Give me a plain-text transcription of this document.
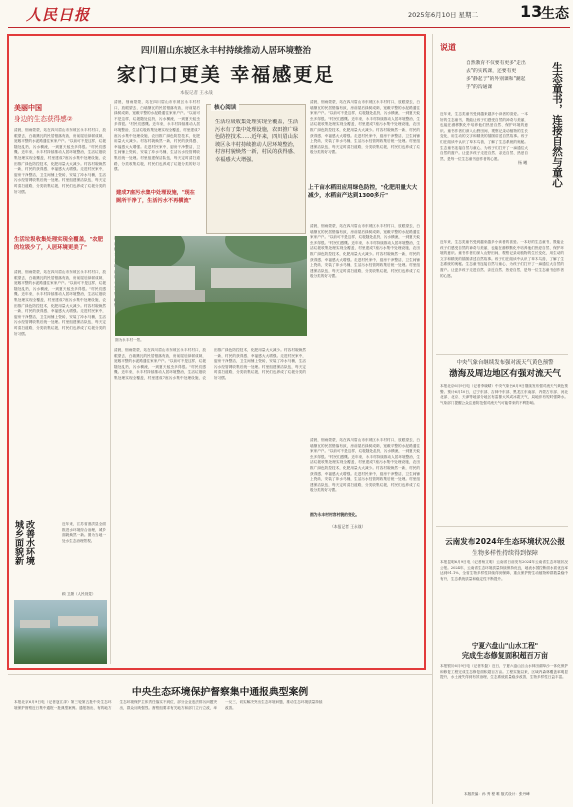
人民日报	2025年6月10日 星期二	13
生态
四川眉山东坡区永丰村持续推动人居环境整治
家门口更美 幸福感更足
本报记者 王永战
美丽中国
身边的生态获得感②
清晨，细雨蒙蒙，站在四川眉山市东坡区永丰村村口，放眼望去，白墙黛瓦的民居错落有致，房前屋后绿树成荫，宽敞平整的水泥路通往家家户户。"以前可不是这样，垃圾随处乱扔，污水横流，一到夏天蚊虫多得很。"村民们感慨。近年来，永丰村持续推动人居环境整治，生活垃圾收集处理实现全覆盖，村里建成7座污水集中处理设施，农田推广绿色防控技术，化肥用量大大减少。村容村貌焕然一新，村民的获得感、幸福感大大增强。走进村民家中，厨房干净整洁，卫生间铺上瓷砖，安装了冲水马桶，生活污水经管网收集后统一处理。村里组建保洁队伍，每天定时清扫道路，分类收集垃圾，村民们也养成了垃圾分类的好习惯。
生活垃圾收集处理实现全覆盖，"农肥的垃圾少了，人居环境更美了"
清晨，细雨蒙蒙，站在四川眉山市东坡区永丰村村口，放眼望去，白墙黛瓦的民居错落有致，房前屋后绿树成荫，宽敞平整的水泥路通往家家户户。"以前可不是这样，垃圾随处乱扔，污水横流，一到夏天蚊虫多得很。"村民们感慨。近年来，永丰村持续推动人居环境整治，生活垃圾收集处理实现全覆盖，村里建成7座污水集中处理设施，农田推广绿色防控技术，化肥用量大大减少。村容村貌焕然一新，村民的获得感、幸福感大大增强。走进村民家中，厨房干净整洁，卫生间铺上瓷砖，安装了冲水马桶，生活污水经管网收集后统一处理。村里组建保洁队伍，每天定时清扫道路，分类收集垃圾，村民们也养成了垃圾分类的好习惯。
清晨，细雨蒙蒙，站在四川眉山市东坡区永丰村村口，放眼望去，白墙黛瓦的民居错落有致，房前屋后绿树成荫，宽敞平整的水泥路通往家家户户。"以前可不是这样，垃圾随处乱扔，污水横流，一到夏天蚊虫多得很。"村民们感慨。近年来，永丰村持续推动人居环境整治，生活垃圾收集处理实现全覆盖，村里建成7座污水集中处理设施，农田推广绿色防控技术，化肥用量大大减少。村容村貌焕然一新，村民的获得感、幸福感大大增强。走进村民家中，厨房干净整洁，卫生间铺上瓷砖，安装了冲水马桶，生活污水经管网收集后统一处理。村里组建保洁队伍，每天定时清扫道路，分类收集垃圾，村民们也养成了垃圾分类的好习惯。
建成7座污水集中处理设施，"现在厕所干净了，生活污水不再横流"
核心阅读
生活垃圾收集处理实现全覆盖，生活污水有了集中处理设施，农田推广绿色防控技术……近年来，四川眉山东坡区永丰村持续推动人居环境整治，村容村貌焕然一新，村民的获得感、幸福感大大增强。
清晨，细雨蒙蒙，站在四川眉山市东坡区永丰村村口，放眼望去，白墙黛瓦的民居错落有致，房前屋后绿树成荫，宽敞平整的水泥路通往家家户户。"以前可不是这样，垃圾随处乱扔，污水横流，一到夏天蚊虫多得很。"村民们感慨。近年来，永丰村持续推动人居环境整治，生活垃圾收集处理实现全覆盖，村里建成7座污水集中处理设施，农田推广绿色防控技术，化肥用量大大减少。村容村貌焕然一新，村民的获得感、幸福感大大增强。走进村民家中，厨房干净整洁，卫生间铺上瓷砖，安装了冲水马桶，生活污水经管网收集后统一处理。村里组建保洁队伍，每天定时清扫道路，分类收集垃圾，村民们也养成了垃圾分类的好习惯。
上千亩水稻田应用绿色防控，"化肥用量大大减少，水稻亩产达到1300多斤"
清晨，细雨蒙蒙，站在四川眉山市东坡区永丰村村口，放眼望去，白墙黛瓦的民居错落有致，房前屋后绿树成荫，宽敞平整的水泥路通往家家户户。"以前可不是这样，垃圾随处乱扔，污水横流，一到夏天蚊虫多得很。"村民们感慨。近年来，永丰村持续推动人居环境整治，生活垃圾收集处理实现全覆盖，村里建成7座污水集中处理设施，农田推广绿色防控技术，化肥用量大大减少。村容村貌焕然一新，村民的获得感、幸福感大大增强。走进村民家中，厨房干净整洁，卫生间铺上瓷砖，安装了冲水马桶，生活污水经管网收集后统一处理。村里组建保洁队伍，每天定时清扫道路，分类收集垃圾，村民们也养成了垃圾分类的好习惯。
图为永丰村一景。
清晨，细雨蒙蒙，站在四川眉山市东坡区永丰村村口，放眼望去，白墙黛瓦的民居错落有致，房前屋后绿树成荫，宽敞平整的水泥路通往家家户户。"以前可不是这样，垃圾随处乱扔，污水横流，一到夏天蚊虫多得很。"村民们感慨。近年来，永丰村持续推动人居环境整治，生活垃圾收集处理实现全覆盖，村里建成7座污水集中处理设施，农田推广绿色防控技术，化肥用量大大减少。村容村貌焕然一新，村民的获得感、幸福感大大增强。走进村民家中，厨房干净整洁，卫生间铺上瓷砖，安装了冲水马桶，生活污水经管网收集后统一处理。村里组建保洁队伍，每天定时清扫道路，分类收集垃圾，村民们也养成了垃圾分类的好习惯。
清晨，细雨蒙蒙，站在四川眉山市东坡区永丰村村口，放眼望去，白墙黛瓦的民居错落有致，房前屋后绿树成荫，宽敞平整的水泥路通往家家户户。"以前可不是这样，垃圾随处乱扔，污水横流，一到夏天蚊虫多得很。"村民们感慨。近年来，永丰村持续推动人居环境整治，生活垃圾收集处理实现全覆盖，村里建成7座污水集中处理设施，农田推广绿色防控技术，化肥用量大大减少。村容村貌焕然一新，村民的获得感、幸福感大大增强。走进村民家中，厨房干净整洁，卫生间铺上瓷砖，安装了冲水马桶，生活污水经管网收集后统一处理。村里组建保洁队伍，每天定时清扫道路，分类收集垃圾，村民们也养成了垃圾分类的好习惯。
图为永丰村村容村貌的变化。
（本报记者 王永战）
改善水环境 城乡面貌新	近年来，江苏省泗洪县全面推进水环境综合治理，城乡面貌焕然一新。图为当地一处水生态治理景观。
顾 卫摄（人民视觉）
中央生态环境保护督察集中通报典型案例
本报北京6月9日电（记者寇江泽）第三轮第五批中央生态环境保护督察近日集中通报一批典型案例。通报指出，有的地方生态环境保护主体责任落实不到位，部分企业违法排污问题突出，群众反映强烈。督察组要求有关地方和部门立行立改，举一反三，切实解决突出生态环境问题，推动生态环境质量持续改善。
说道
自然教育不仅要有更多"走出去"的实践课，还要有更多"静起于"的外别课和"潮起手"的沟通课	生态童书，连接自然与童心
杨 曦
近年来，生态类童书受到越来越多小读者的喜爱。一本好的生态童书，既能让孩子们感受自然的神奇与美丽，也能在潜移默化中培养他们热爱自然、保护环境的意识。童书作者们深入山野田间，观察记录动植物的生长变化，用生动的文字和精美的插图讲述自然故事。孩子们在阅读中认识了草木鸟兽，了解了生态系统的奥秘。生态童书连接自然与童心，为孩子们打开了一扇通往大自然的窗户。让更多孩子走进自然、亲近自然、热爱自然，是每一位生态童书创作者的心愿。
近年来，生态类童书受到越来越多小读者的喜爱。一本好的生态童书，既能让孩子们感受自然的神奇与美丽，也能在潜移默化中培养他们热爱自然、保护环境的意识。童书作者们深入山野田间，观察记录动植物的生长变化，用生动的文字和精美的插图讲述自然故事。孩子们在阅读中认识了草木鸟兽，了解了生态系统的奥秘。生态童书连接自然与童心，为孩子们打开了一扇通往大自然的窗户。让更多孩子走进自然、亲近自然、热爱自然，是每一位生态童书创作者的心愿。
中央气象台继续发布强对流天气黄色预警
渤海及周边地区有强对流天气
本报北京6月9日电（记者李晓晴）中央气象台6月9日继续发布强对流天气黄色预警。预计6月10日，辽宁东部、吉林中东部、黑龙江东南部、内蒙古东部、河北北部、北京、天津等地部分地区有雷暴大风或冰雹天气，局地伴有短时强降水。气象部门提醒公众注意防范强对流天气可能带来的不利影响。
云南发布2024年生态环境状况公报
生物多样性持续得到保障
本报昆明6月9日电（记者杨文明）云南省日前发布2024年云南省生态环境状况公报。2024年，云南省生态环境质量持续保持优良，地表水国控断面水质优良率达到91.1%，全省生物多样性持续得到保障，重点保护野生动植物种群数量稳中有升，生态系统质量和稳定性不断提升。
宁夏六盘山"山水工程"
完成生态修复面积超百万亩
本报银川6月9日电（记者朱磊）近日，宁夏六盘山区山水林田湖草沙一体化保护和修复工程完成生态修复面积超百万亩。工程实施以来，区域内森林覆盖率明显提升，水土流失得到有效治理，生态系统质量稳步改善，生物多样性日益丰富。
本版责编：孙 秀 程 唯 版式设计：张丹峰
